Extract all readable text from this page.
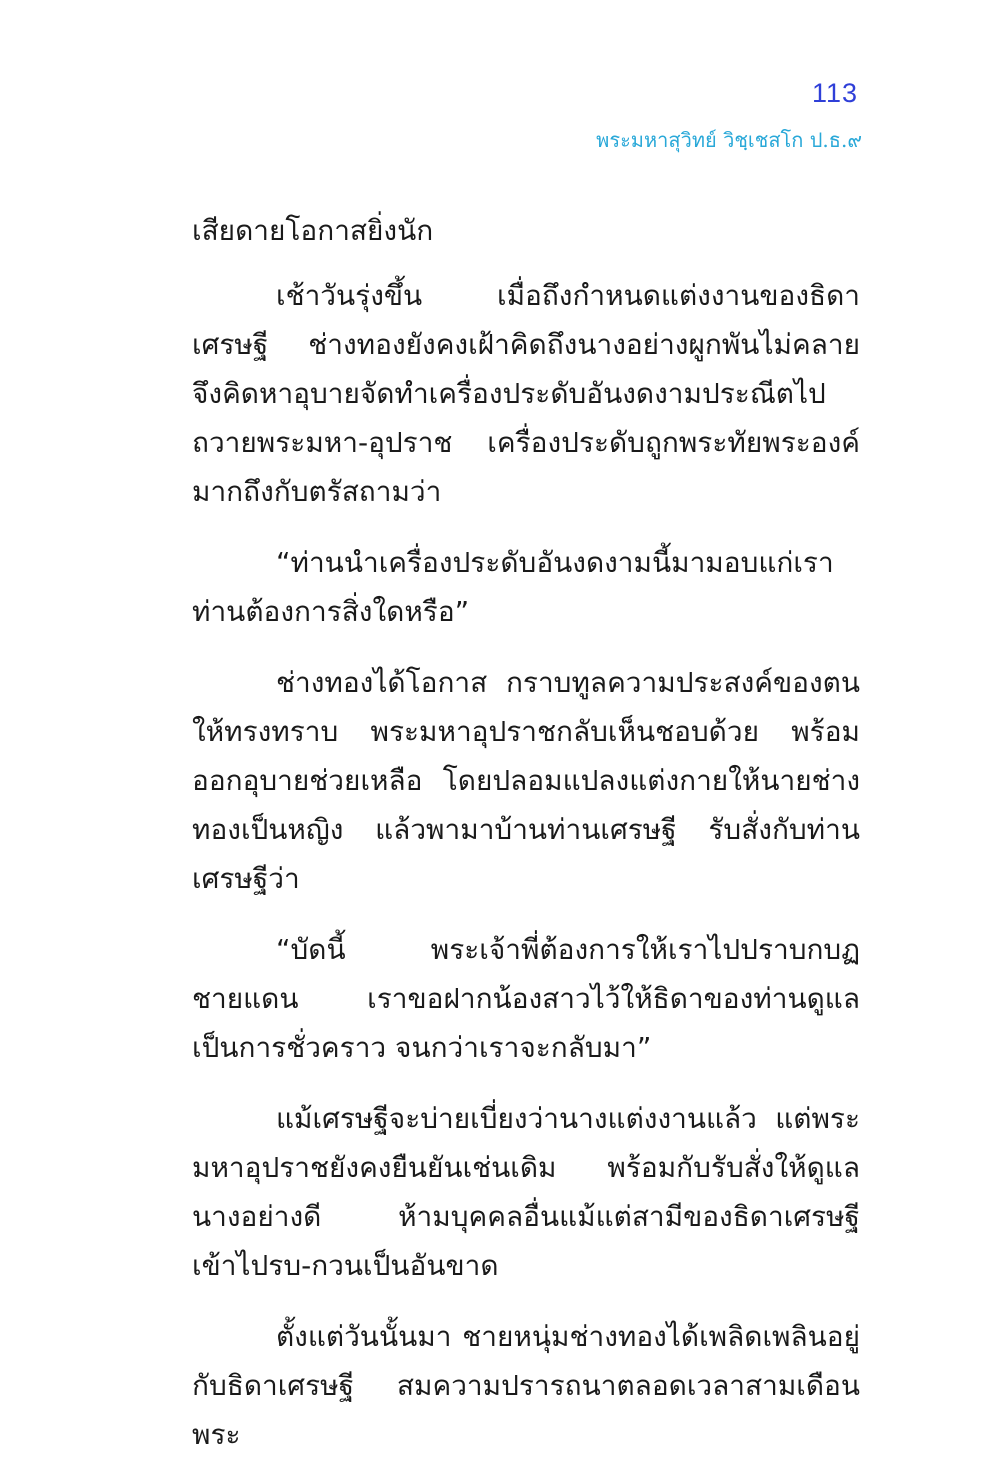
113
พระมหาสุวิทย์ วิชฺเชสโก ป.ธ.๙

เสียดายโอกาสยิ่งนัก

เช้าวันรุ่งขึ้น เมื่อถึงกำหนดแต่งงานของธิดาเศรษฐี ช่างทองยังคงเฝ้าคิดถึงนางอย่างผูกพันไม่คลาย จึงคิดหาอุบายจัดทำเครื่องประดับอันงดงามประณีตไปถวายพระมหา-อุปราช เครื่องประดับถูกพระทัยพระองค์มากถึงกับตรัสถามว่า

“ท่านนำเครื่องประดับอันงดงามนี้มามอบแก่เรา ท่านต้องการสิ่งใดหรือ”

ช่างทองได้โอกาส กราบทูลความประสงค์ของตนให้ทรงทราบ พระมหาอุปราชกลับเห็นชอบด้วย พร้อมออกอุบายช่วยเหลือ โดยปลอมแปลงแต่งกายให้นายช่างทองเป็นหญิง แล้วพามาบ้านท่านเศรษฐี รับสั่งกับท่านเศรษฐีว่า

“บัดนี้ พระเจ้าพี่ต้องการให้เราไปปราบกบฏชายแดน เราขอฝากน้องสาวไว้ให้ธิดาของท่านดูแลเป็นการชั่วคราว จนกว่าเราจะกลับมา”

แม้เศรษฐีจะบ่ายเบี่ยงว่านางแต่งงานแล้ว แต่พระมหาอุปราชยังคงยืนยันเช่นเดิม พร้อมกับรับสั่งให้ดูแลนางอย่างดี ห้ามบุคคลอื่นแม้แต่สามีของธิดาเศรษฐีเข้าไปรบ-กวนเป็นอันขาด

ตั้งแต่วันนั้นมา ชายหนุ่มช่างทองได้เพลิดเพลินอยู่กับธิดาเศรษฐี สมความปรารถนาตลอดเวลาสามเดือน พระ
